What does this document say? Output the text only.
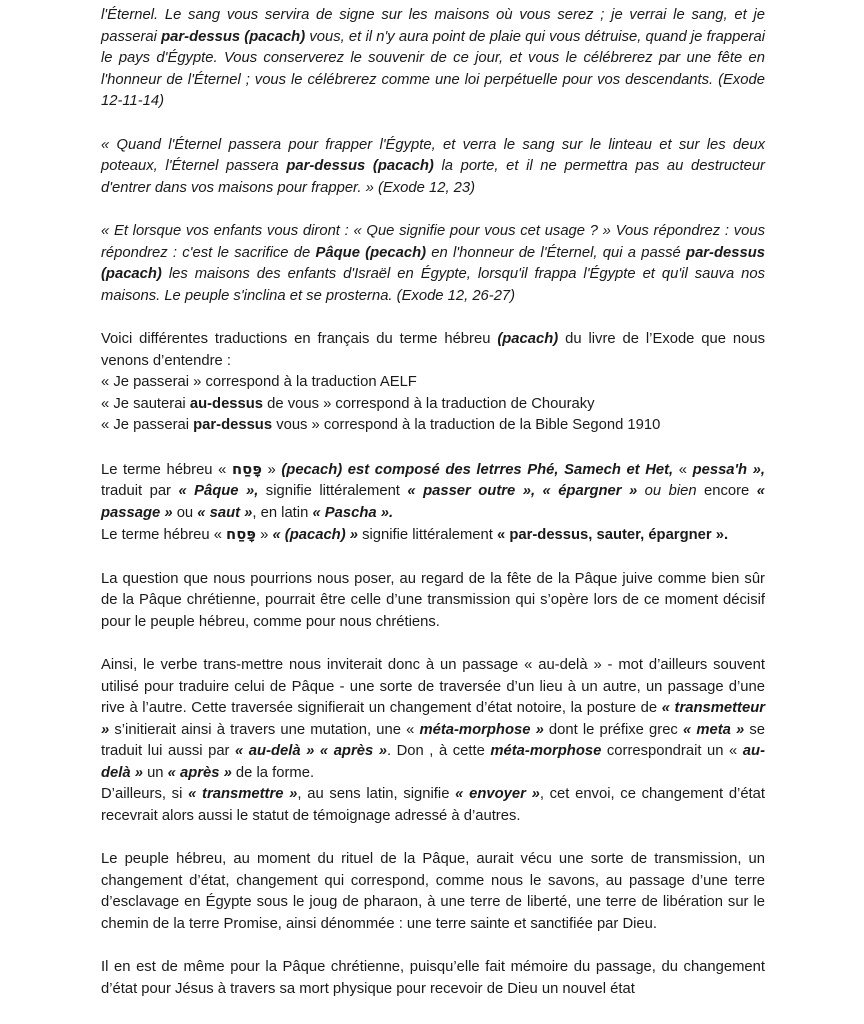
l'Éternel. Le sang vous servira de signe sur les maisons où vous serez ; je verrai le sang, et je passerai par-dessus (pacach) vous, et il n'y aura point de plaie qui vous détruise, quand je frapperai le pays d'Égypte. Vous conserverez le souvenir de ce jour, et vous le célébrerez par une fête en l'honneur de l'Éternel ; vous le célébrerez comme une loi perpétuelle pour vos descendants. (Exode 12-11-14)

« Quand l'Éternel passera pour frapper l'Égypte, et verra le sang sur le linteau et sur les deux poteaux, l'Éternel passera par-dessus (pacach) la porte, et il ne permettra pas au destructeur d'entrer dans vos maisons pour frapper. » (Exode 12, 23)

« Et lorsque vos enfants vous diront : « Que signifie pour vous cet usage ? » Vous répondrez : vous répondrez : c'est le sacrifice de Pâque (pecach) en l'honneur de l'Éternel, qui a passé par-dessus (pacach) les maisons des enfants d'Israël en Égypte, lorsqu'il frappa l'Égypte et qu'il sauva nos maisons. Le peuple s'inclina et se prosterna. (Exode 12, 26-27)

Voici différentes traductions en français du terme hébreu (pacach) du livre de l’Exode que nous venons d’entendre :

« Je passerai » correspond à la traduction AELF

« Je sauterai au-dessus de vous » correspond à la traduction de Chouraky

« Je passerai par-dessus vous » correspond à la traduction de la Bible Segond 1910

Le terme hébreu « פָּסַח » (pecach) est composé des letrres Phé, Samech et Het, « pessa'h », traduit par « Pâque », signifie littéralement « passer outre », « épargner » ou bien encore « passage » ou « saut », en latin « Pascha ».

Le terme hébreu « פָּסַח » « (pacach) » signifie littéralement « par-dessus, sauter, épargner ».

La question que nous pourrions nous poser, au regard de la fête de la Pâque juive comme bien sûr de la Pâque chrétienne, pourrait être celle d’une transmission qui s’opère lors de ce moment décisif pour le peuple hébreu, comme pour nous chrétiens.

Ainsi, le verbe trans-mettre nous inviterait donc à un passage « au-delà » - mot d’ailleurs souvent utilisé pour traduire celui de Pâque - une sorte de traversée d’un lieu à un autre, un passage d’une rive à l’autre. Cette traversée signifierait un changement d’état notoire, la posture de « transmetteur » s’initierait ainsi à travers une mutation, une « méta-morphose » dont le préfixe grec « meta » se traduit lui aussi par « au-delà » « après ». Don , à cette méta-morphose correspondrait un « au-delà » un « après » de la forme.

D’ailleurs, si « transmettre », au sens latin, signifie « envoyer », cet envoi, ce changement d’état recevrait alors aussi le statut de témoignage adressé à d’autres.

Le peuple hébreu, au moment du rituel de la Pâque, aurait vécu une sorte de transmission, un changement d’état, changement qui correspond, comme nous le savons, au passage d’une terre d’esclavage en Égypte sous le joug de pharaon, à une terre de liberté, une terre de libération sur le chemin de la terre Promise, ainsi dénommée : une terre sainte et sanctifiée par Dieu.

Il en est de même pour la Pâque chrétienne, puisqu’elle fait mémoire du passage, du changement d’état pour Jésus à travers sa mort physique pour recevoir de Dieu un nouvel état
